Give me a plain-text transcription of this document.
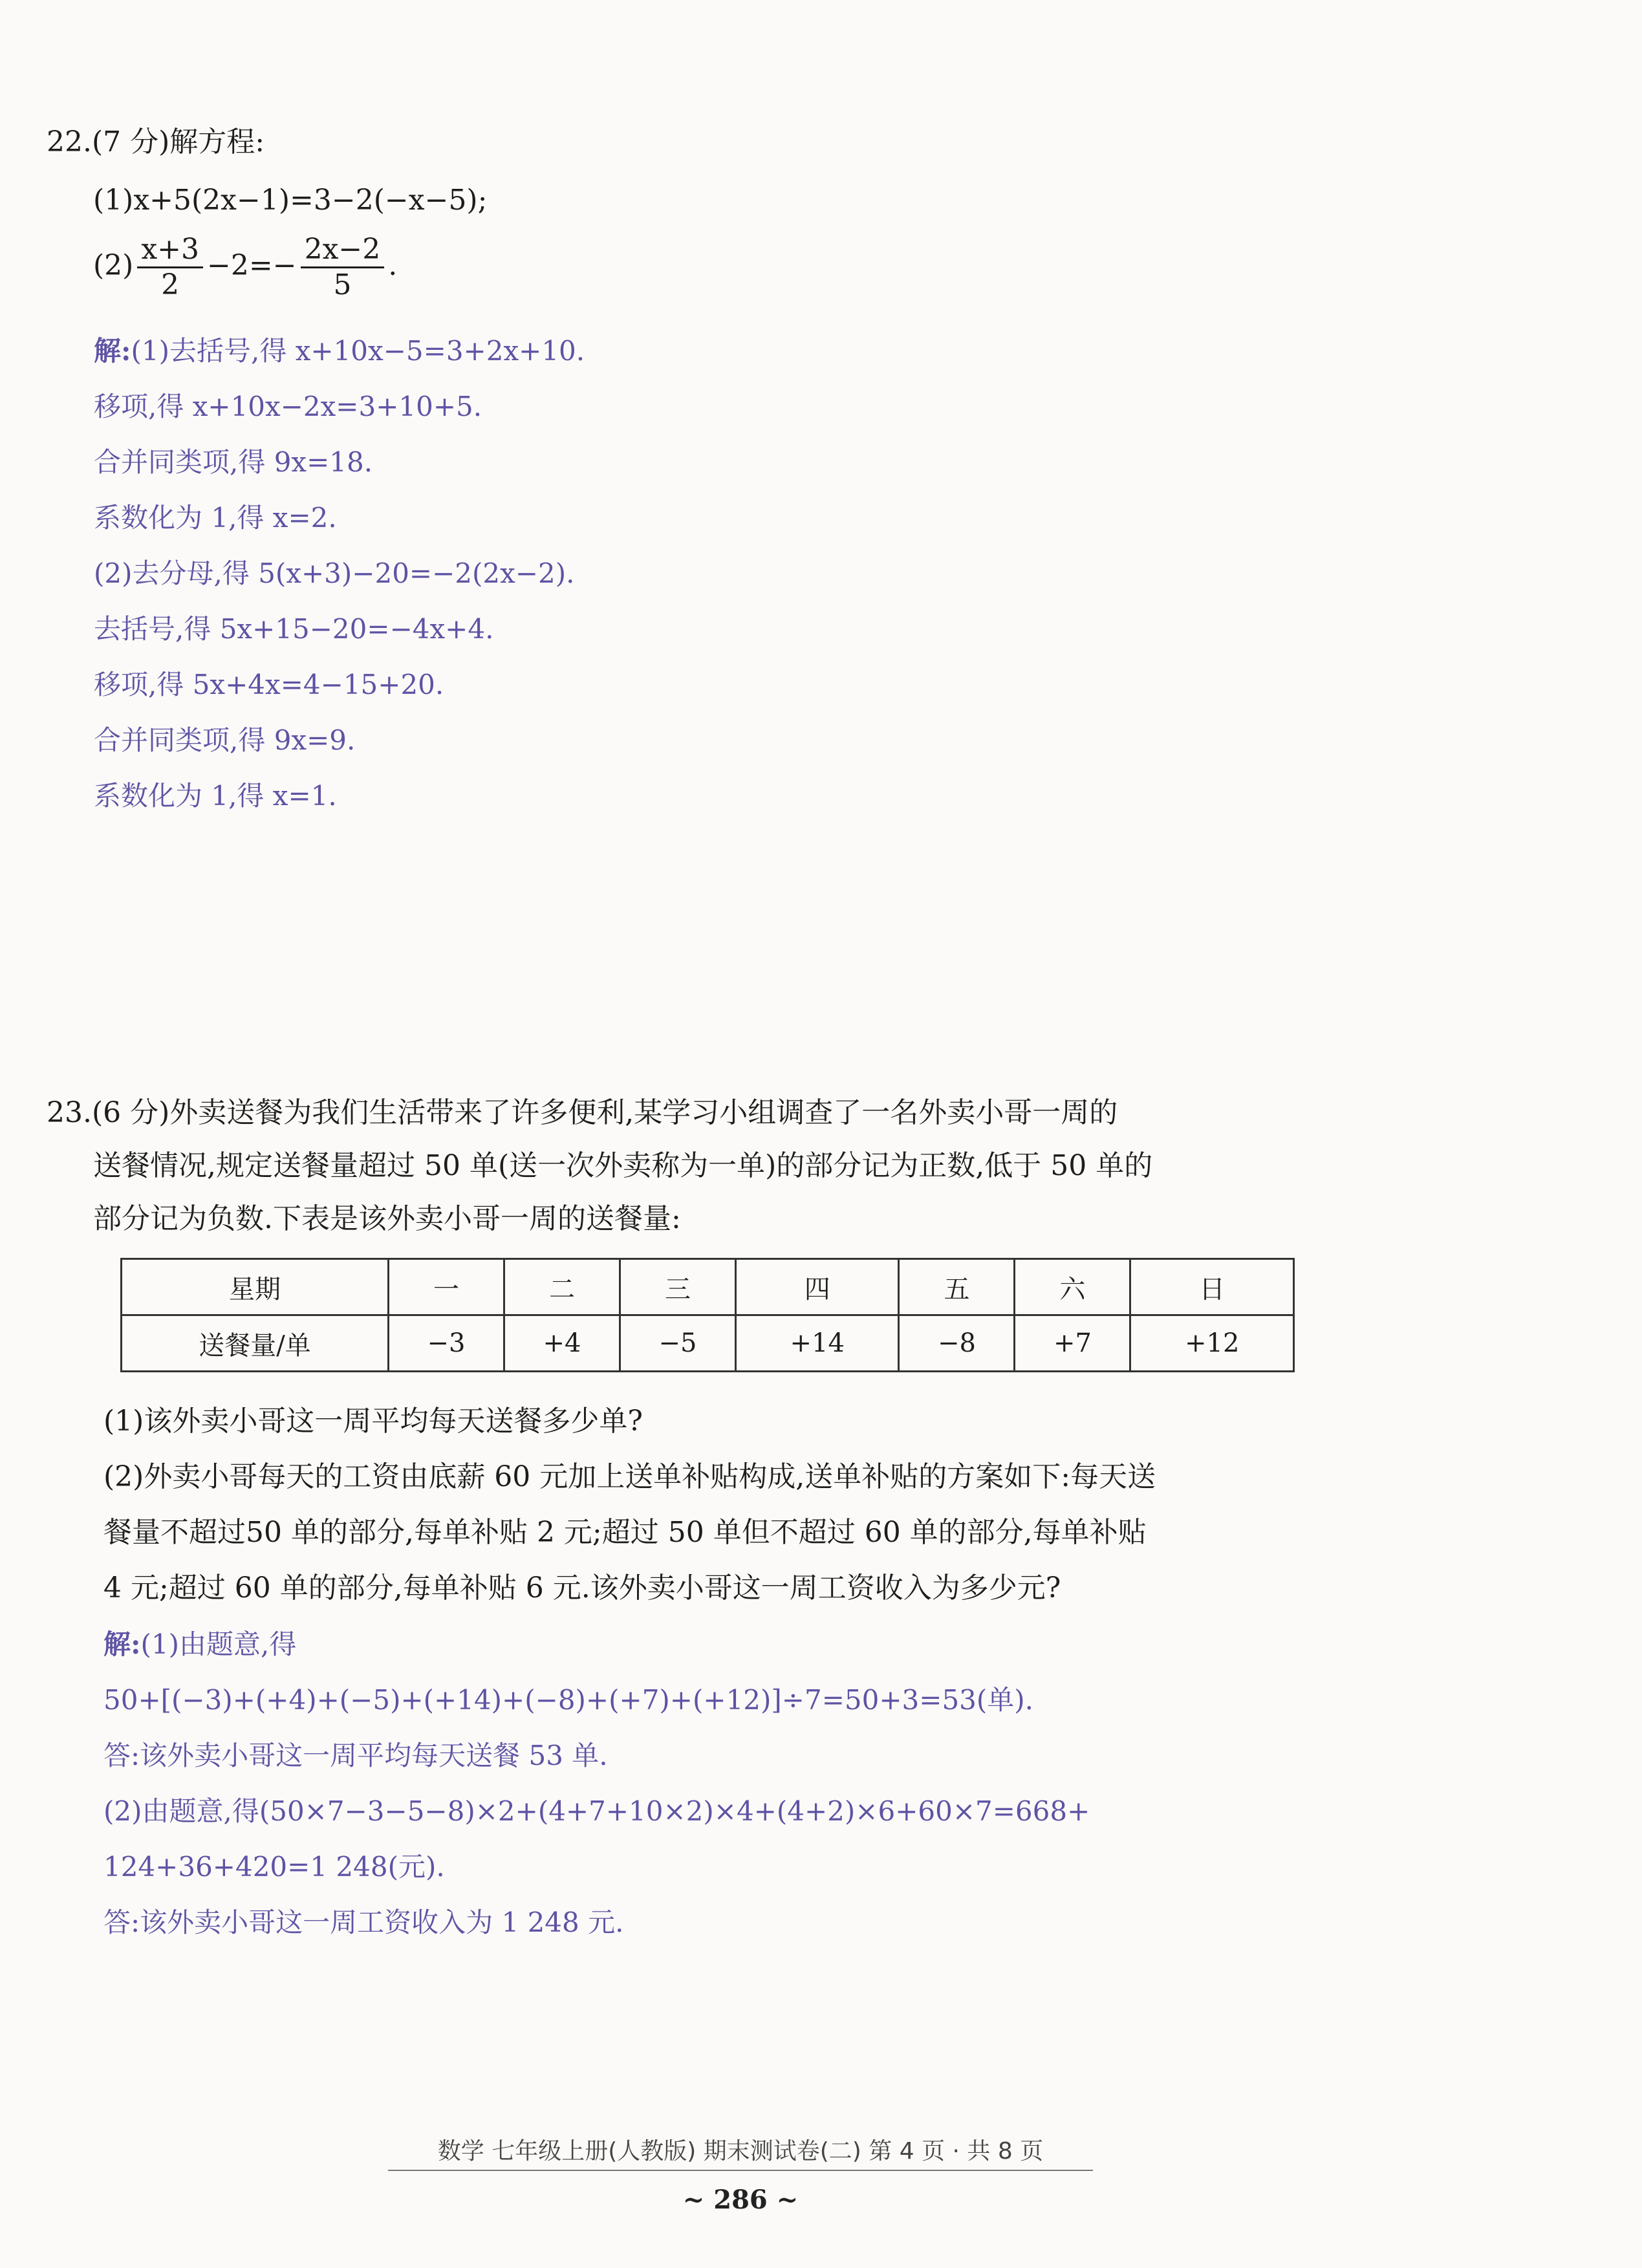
22.(7 分)解方程:
(1)x+5(2x−1)=3−2(−x−5);
$(2) \frac{x+3}{2} -2=- \frac{2x-2}{5}$ .
解:(1)去括号,得 x+10x−5=3+2x+10.
移项,得 x+10x−2x=3+10+5.
合并同类项,得 9x=18.
系数化为 1,得 x=2.
(2)去分母,得 5(x+3)−20=−2(2x−2).
去括号,得 5x+15−20=−4x+4.
移项,得 5x+4x=4−15+20.
合并同类项,得 9x=9.
系数化为 1,得 x=1.
23.(6 分)外卖送餐为我们生活带来了许多便利,某学习小组调查了一名外卖小哥一周的
送餐情况,规定送餐量超过 50 单(送一次外卖称为一单)的部分记为正数,低于 50 单的
部分记为负数.下表是该外卖小哥一周的送餐量:
星期	一	二	三	四	五	六	日
送餐量/单	−3	+4	−5	+14	−8	+7	+12
(1)该外卖小哥这一周平均每天送餐多少单?
(2)外卖小哥每天的工资由底薪 60 元加上送单补贴构成,送单补贴的方案如下:每天送
餐量不超过50 单的部分,每单补贴 2 元;超过 50 单但不超过 60 单的部分,每单补贴
4 元;超过 60 单的部分,每单补贴 6 元.该外卖小哥这一周工资收入为多少元?
解:(1)由题意,得
50+[(−3)+(+4)+(−5)+(+14)+(−8)+(+7)+(+12)]÷7=50+3=53(单).
答:该外卖小哥这一周平均每天送餐 53 单.
(2)由题意,得(50×7−3−5−8)×2+(4+7+10×2)×4+(4+2)×6+60×7=668+
124+36+420=1 248(元).
答:该外卖小哥这一周工资收入为 1 248 元.
数学 七年级上册(人教版) 期末测试卷(二) 第 4 页 · 共 8 页
~ 286 ~
